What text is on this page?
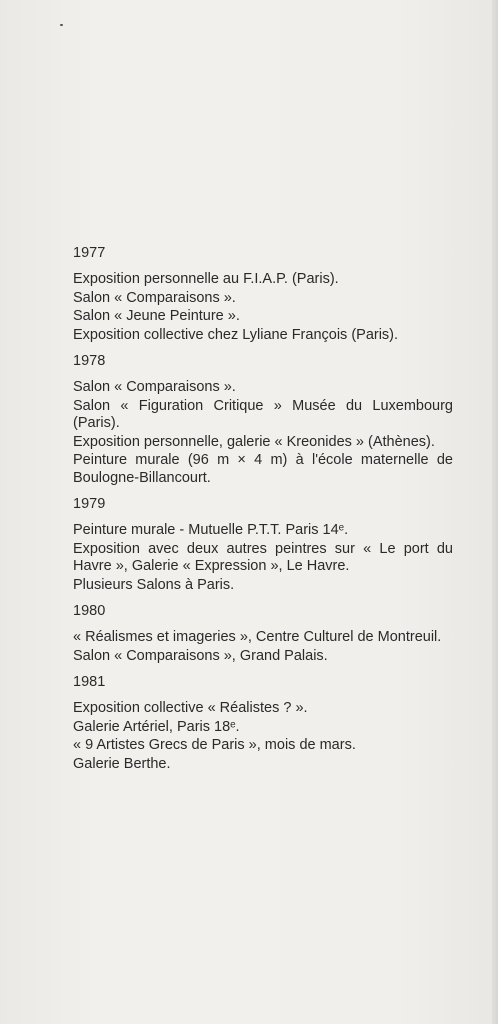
1977

Exposition personnelle au F.I.A.P. (Paris).

Salon « Comparaisons ».

Salon « Jeune Peinture ».

Exposition collective chez Lyliane François (Paris).

1978

Salon « Comparaisons ».

Salon « Figuration Critique » Musée du Luxembourg (Paris).

Exposition personnelle, galerie « Kreonides » (Athènes).

Peinture murale (96 m × 4 m) à l'école maternelle de Boulogne-Billancourt.

1979

Peinture murale - Mutuelle P.T.T. Paris 14ᵉ.

Exposition avec deux autres peintres sur « Le port du Havre », Galerie « Expression », Le Havre.

Plusieurs Salons à Paris.

1980

« Réalismes et imageries », Centre Culturel de Montreuil.

Salon « Comparaisons », Grand Palais.

1981

Exposition collective « Réalistes ? ».

Galerie Artériel, Paris 18ᵉ.

« 9 Artistes Grecs de Paris », mois de mars.

Galerie Berthe.
